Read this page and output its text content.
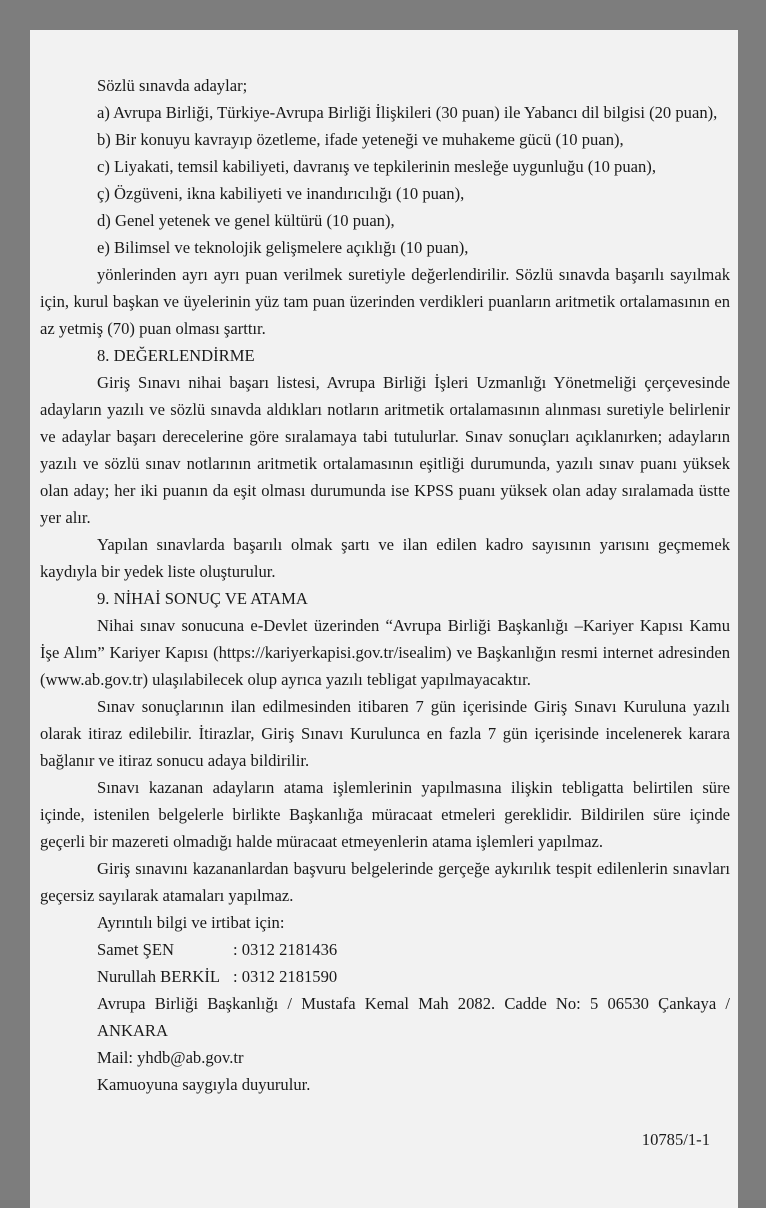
Sözlü sınavda adaylar;

a) Avrupa Birliği, Türkiye-Avrupa Birliği İlişkileri (30 puan) ile Yabancı dil bilgisi (20 puan),

b) Bir konuyu kavrayıp özetleme, ifade yeteneği ve muhakeme gücü (10 puan),

c) Liyakati, temsil kabiliyeti, davranış ve tepkilerinin mesleğe uygunluğu (10 puan),

ç) Özgüveni, ikna kabiliyeti ve inandırıcılığı (10 puan),

d) Genel yetenek ve genel kültürü (10 puan),

e) Bilimsel ve teknolojik gelişmelere açıklığı (10 puan),

yönlerinden ayrı ayrı puan verilmek suretiyle değerlendirilir. Sözlü sınavda başarılı sayılmak için, kurul başkan ve üyelerinin yüz tam puan üzerinden verdikleri puanların aritmetik ortalamasının en az yetmiş (70) puan olması şarttır.

8. DEĞERLENDİRME

Giriş Sınavı nihai başarı listesi, Avrupa Birliği İşleri Uzmanlığı Yönetmeliği çerçevesinde adayların yazılı ve sözlü sınavda aldıkları notların aritmetik ortalamasının alınması suretiyle belirlenir ve adaylar başarı derecelerine göre sıralamaya tabi tutulurlar. Sınav sonuçları açıklanırken; adayların yazılı ve sözlü sınav notlarının aritmetik ortalamasının eşitliği durumunda, yazılı sınav puanı yüksek olan aday; her iki puanın da eşit olması durumunda ise KPSS puanı yüksek olan aday sıralamada üstte yer alır.

Yapılan sınavlarda başarılı olmak şartı ve ilan edilen kadro sayısının yarısını geçmemek kaydıyla bir yedek liste oluşturulur.

9. NİHAİ SONUÇ VE ATAMA

Nihai sınav sonucuna e-Devlet üzerinden “Avrupa Birliği Başkanlığı –Kariyer Kapısı Kamu İşe Alım” Kariyer Kapısı (https://kariyerkapisi.gov.tr/isealim) ve Başkanlığın resmi internet adresinden (www.ab.gov.tr) ulaşılabilecek olup ayrıca yazılı tebligat yapılmayacaktır.

Sınav sonuçlarının ilan edilmesinden itibaren 7 gün içerisinde Giriş Sınavı Kuruluna yazılı olarak itiraz edilebilir. İtirazlar, Giriş Sınavı Kurulunca en fazla 7 gün içerisinde incelenerek karara bağlanır ve itiraz sonucu adaya bildirilir.

Sınavı kazanan adayların atama işlemlerinin yapılmasına ilişkin tebligatta belirtilen süre içinde, istenilen belgelerle birlikte Başkanlığa müracaat etmeleri gereklidir. Bildirilen süre içinde geçerli bir mazereti olmadığı halde müracaat etmeyenlerin atama işlemleri yapılmaz.

Giriş sınavını kazananlardan başvuru belgelerinde gerçeğe aykırılık tespit edilenlerin sınavları geçersiz sayılarak atamaları yapılmaz.

Ayrıntılı bilgi ve irtibat için:

Samet ŞEN	: 0312 2181436
Nurullah BERKİL : 0312 2181590

Avrupa Birliği Başkanlığı / Mustafa Kemal Mah 2082. Cadde No: 5 06530 Çankaya / ANKARA

Mail: yhdb@ab.gov.tr

Kamuoyuna saygıyla duyurulur.

10785/1-1
